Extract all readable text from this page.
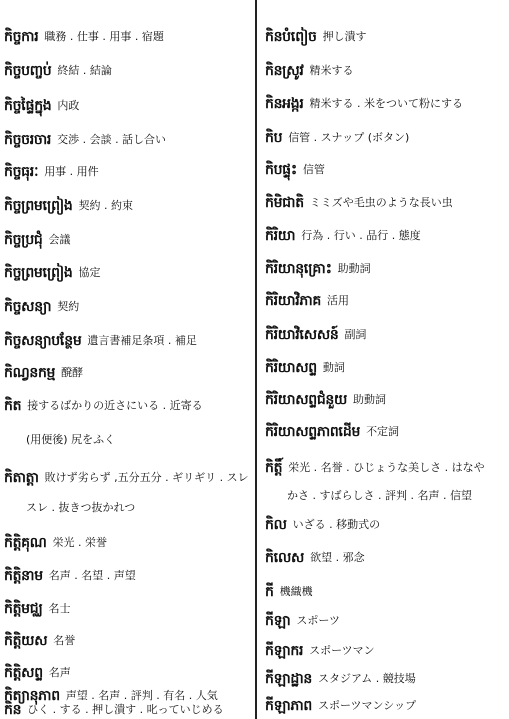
កិច្ចការ 職務 . 仕事 . 用事 . 宿題
កិច្ចបញ្ចប់ 終結 . 結論
កិច្ចផ្ទៃក្នុង 内政
កិច្ចចរចារ 交渉 . 会談 . 話し合い
កិច្ចធុរៈ 用事 . 用件
កិច្ចព្រមព្រៀង 契約 . 約束
កិច្ចប្រជុំ 会議
កិច្ចព្រមព្រៀង 協定
កិច្ចសន្យា 契約
កិច្ចសន្យាបន្ថែម 遺言書補足条項 . 補足
កិណ្វនកម្ម 醗酵
កិត 接するばかりの近さにいる . 近寄る
(用便後) 尻をふく
កិតាត្ដា 敗けず劣らず ,五分五分 . ギリギリ . スレ
スレ . 抜きつ抜かれつ
កិត្តិគុណ 栄光 . 栄誉
កិត្តិនាម 名声 . 名望 . 声望
កិត្តិមជ្ឈ 名士
កិត្តិយស 名誉
កិត្តិសព្ទ 名声
កិត្យានុភាព 声望 . 名声 . 評判 . 有名 . 人気
កិន ひく . する . 押し潰す . 叱っていじめる
កិនបំពៀច 押し潰す
កិនស្រូវ 精米する
កិនអង្ករ 精米する . 米をついて粉にする
កិប 信管 . スナップ (ボタン)
កិបផ្ទុះ 信管
កិមិជាតិ ミミズや毛虫のような長い虫
កិរិយា 行為 . 行い . 品行 . 態度
កិរិយានុគ្រោះ 助動詞
កិរិយាវិភាគ 活用
កិរិយាវិសេសន៍ 副詞
កិរិយាសព្ទ 動詞
កិរិយាសព្ទជំនួយ 助動詞
កិរិយាសព្ទភាពដើម 不定詞
កិត្តិ៍ 栄光 . 名誉 . ひじょうな美しさ . はなや
かさ . すばらしさ . 評判 . 名声 . 信望
កិល いざる . 移動式の
កិលេស 欲望 . 邪念
កី 機織機
កីឡា スポーツ
កីឡាករ スポーツマン
កីឡាដ្ឋាន スタジアム . 競技場
កីឡាភាព スポーツマンシップ
